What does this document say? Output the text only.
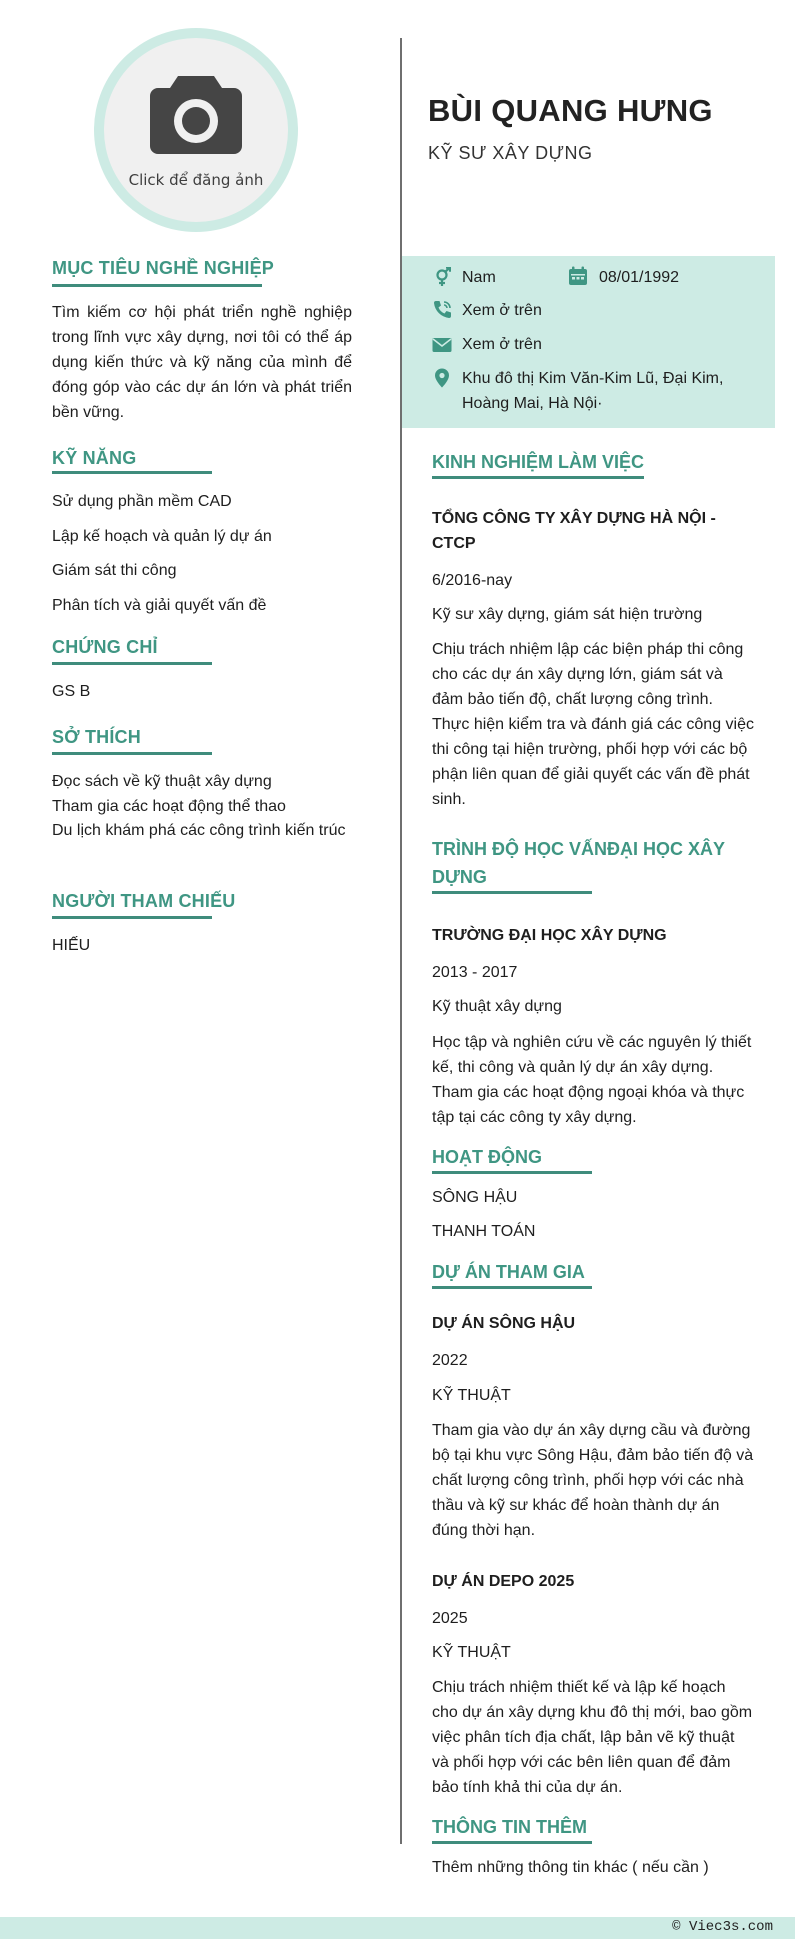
Click để đăng ảnh
MỤC TIÊU NGHỀ NGHIỆP
Tìm kiếm cơ hội phát triển nghề nghiệp trong lĩnh vực xây dựng, nơi tôi có thể áp dụng kiến thức và kỹ năng của mình để đóng góp vào các dự án lớn và phát triển bền vững.
KỸ NĂNG
Sử dụng phần mềm CAD
Lập kế hoạch và quản lý dự án
Giám sát thi công
Phân tích và giải quyết vấn đề
CHỨNG CHỈ
GS B
SỞ THÍCH
Đọc sách về kỹ thuật xây dựng
Tham gia các hoạt động thể thao
Du lịch khám phá các công trình kiến trúc
NGƯỜI THAM CHIẾU
HIẾU
BÙI QUANG HƯNG
KỸ SƯ XÂY DỰNG
Nam	08/01/1992
Xem ở trên
Xem ở trên
Khu đô thị Kim Văn-Kim Lũ, Đại Kim,
Hoàng Mai, Hà Nội·
KINH NGHIỆM LÀM VIỆC
TỔNG CÔNG TY XÂY DỰNG HÀ NỘI -
CTCP
6/2016-nay
Kỹ sư xây dựng, giám sát hiện trường
Chịu trách nhiệm lập các biện pháp thi công cho các dự án xây dựng lớn, giám sát và đảm bảo tiến độ, chất lượng công trình. Thực hiện kiểm tra và đánh giá các công việc thi công tại hiện trường, phối hợp với các bộ phận liên quan để giải quyết các vấn đề phát sinh.
TRÌNH ĐỘ HỌC VẤNĐẠI HỌC XÂY
DỰNG
TRƯỜNG ĐẠI HỌC XÂY DỰNG
2013 - 2017
Kỹ thuật xây dựng
Học tập và nghiên cứu về các nguyên lý thiết kế, thi công và quản lý dự án xây dựng. Tham gia các hoạt động ngoại khóa và thực tập tại các công ty xây dựng.
HOẠT ĐỘNG
SÔNG HẬU
THANH TOÁN
DỰ ÁN THAM GIA
DỰ ÁN SÔNG HẬU
2022
KỸ THUẬT
Tham gia vào dự án xây dựng cầu và đường bộ tại khu vực Sông Hậu, đảm bảo tiến độ và chất lượng công trình, phối hợp với các nhà thầu và kỹ sư khác để hoàn thành dự án đúng thời hạn.
DỰ ÁN DEPO 2025
2025
KỸ THUẬT
Chịu trách nhiệm thiết kế và lập kế hoạch cho dự án xây dựng khu đô thị mới, bao gồm việc phân tích địa chất, lập bản vẽ kỹ thuật và phối hợp với các bên liên quan để đảm bảo tính khả thi của dự án.
THÔNG TIN THÊM
Thêm những thông tin khác ( nếu cần )
© Viec3s.com
